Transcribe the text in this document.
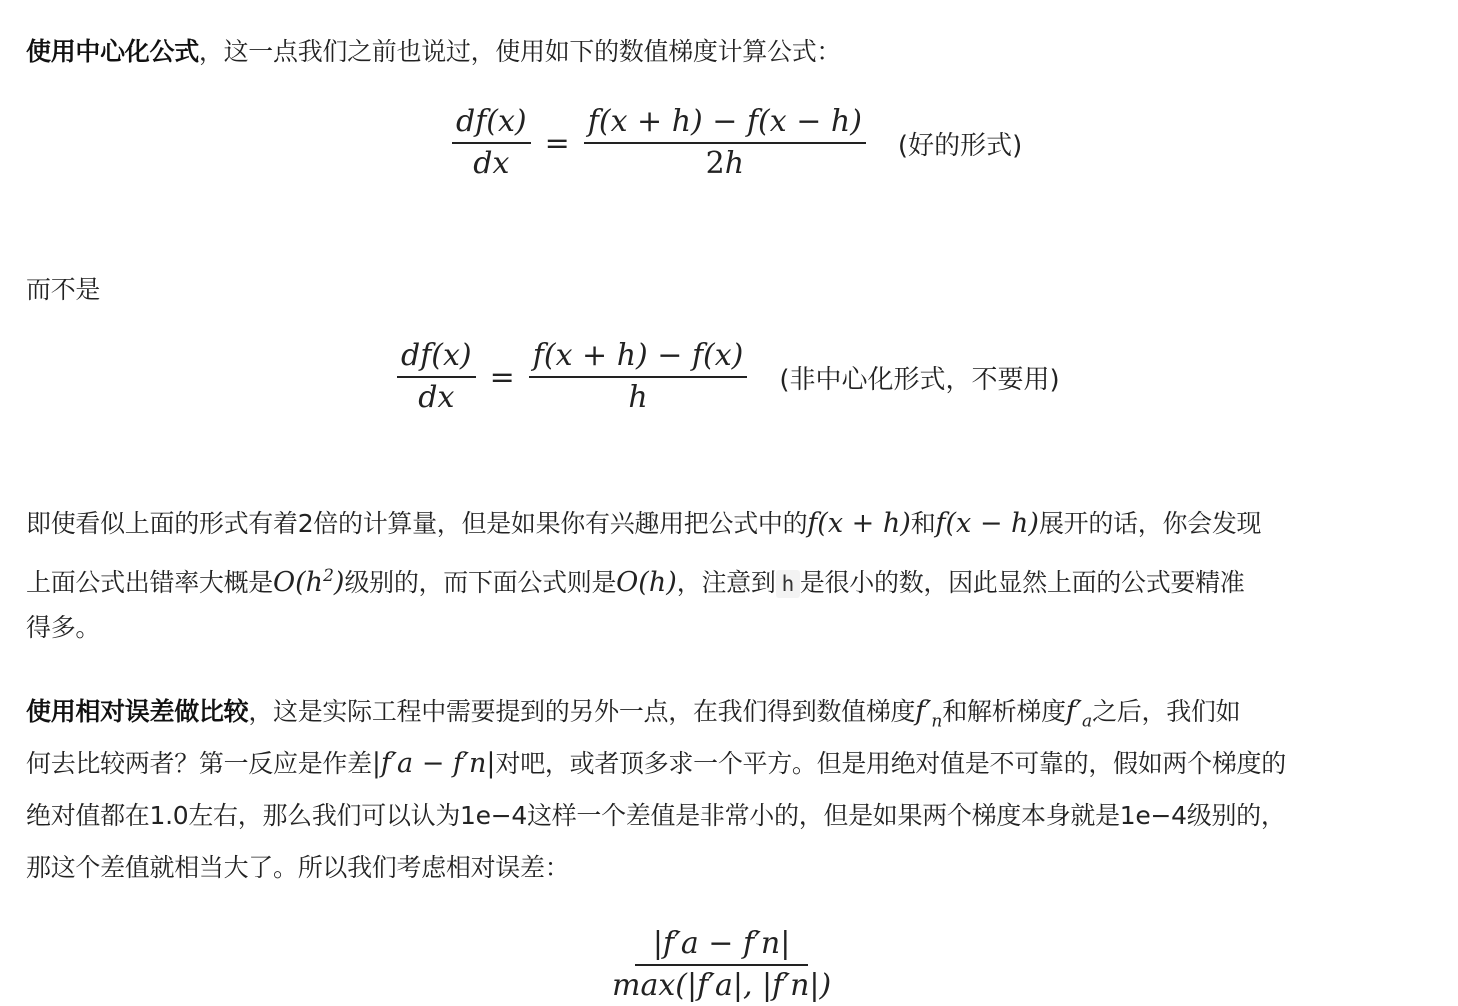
使用中心化公式，这一点我们之前也说过，使用如下的数值梯度计算公式：
$\frac{df(x)}{dx} = \frac{f(x + h) - f(x - h)}{2h}$ (好的形式)
而不是
$\frac{df(x)}{dx} = \frac{f(x + h) - f(x)}{h}$ (非中心化形式，不要用)
即使看似上面的形式有着2倍的计算量，但是如果你有兴趣用把公式中的f(x + h)和f(x − h)展开的话，你会发现
上面公式出错率大概是$O(h^2)$级别的，而下面公式则是O(h)，注意到 h 是很小的数，因此显然上面的公式要精准
得多。
使用相对误差做比较，这是实际工程中需要提到的另外一点，在我们得到数值梯度$f'_n$和解析梯度$f'_a$之后，我们如
何去比较两者？第一反应是作差|f′a − f′n|对吧，或者顶多求一个平方。但是用绝对值是不可靠的，假如两个梯度的
绝对值都在1.0左右，那么我们可以认为1e−4这样一个差值是非常小的，但是如果两个梯度本身就是1e−4级别的，
那这个差值就相当大了。所以我们考虑相对误差：
$\frac{|f'a - f'n|}{\max(|f'a|, |f'n|)}$
